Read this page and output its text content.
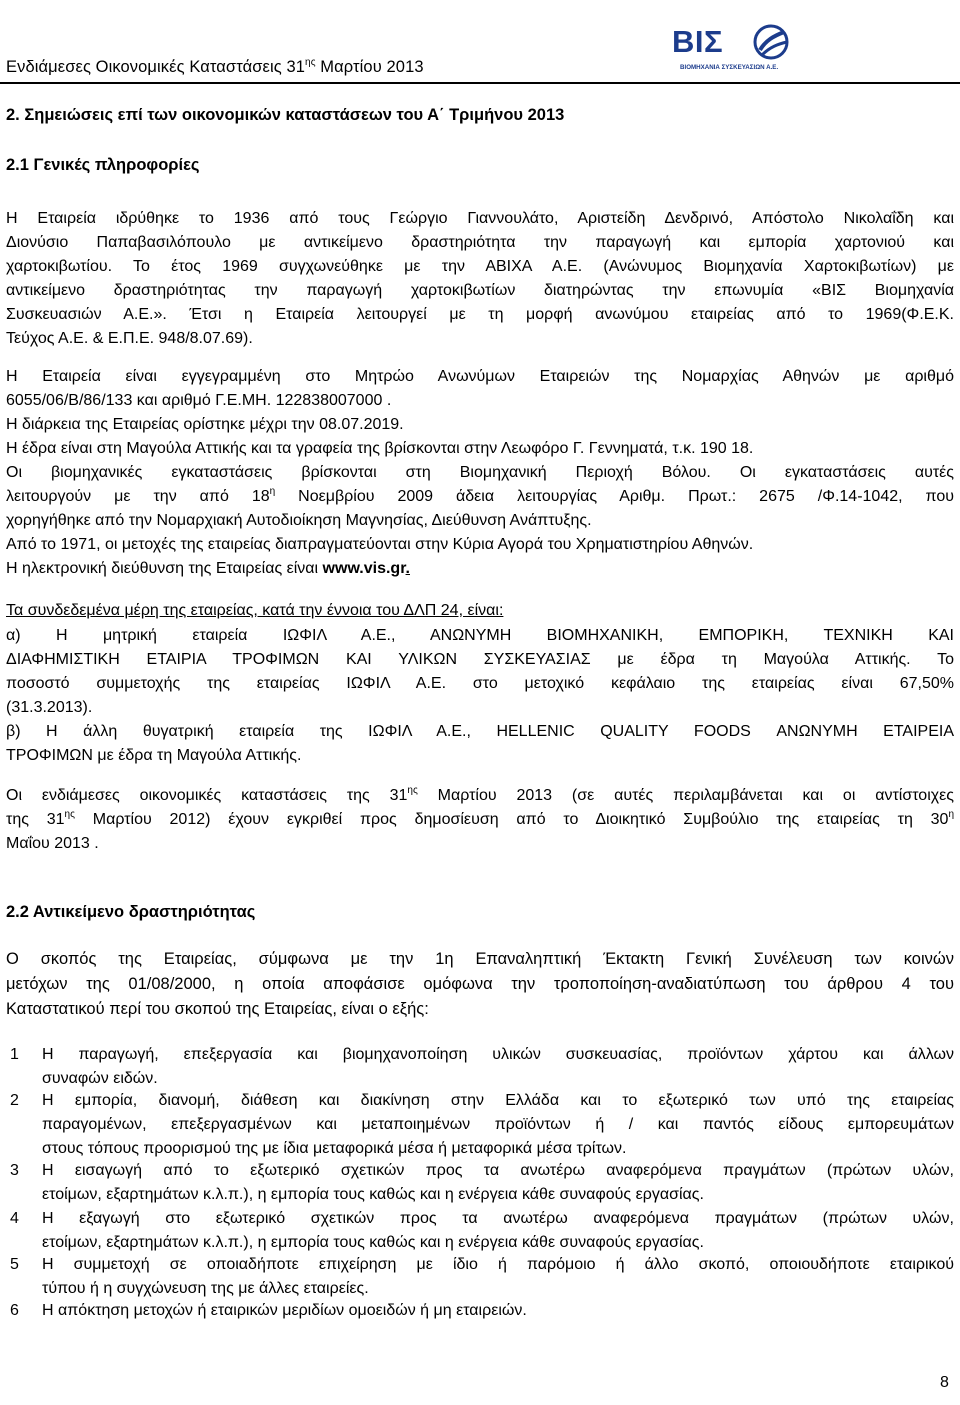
Ενδιάμεσες Οικονομικές Καταστάσεις $31^{\eta\varsigma}$ Μαρτίου 2013
ΒΙΣ
ΒΙΟΜΗΧΑΝΙΑ ΣΥΣΚΕΥΑΣΙΩΝ Α.Ε.
2. Σημειώσεις επί των οικονομικών καταστάσεων του Α΄ Τριμήνου 2013
2.1 Γενικές πληροφορίες
Η Εταιρεία ιδρύθηκε το 1936 από τους Γεώργιο Γιαννουλάτο, Αριστείδη Δενδρινό, Απόστολο Νικολαΐδη και
Διονύσιο Παπαβασιλόπουλο με αντικείμενο δραστηριότητα την παραγωγή και εμπορία χαρτονιού και
χαρτοκιβωτίου. Το έτος 1969 συγχωνεύθηκε με την ΑΒΙΧΑ Α.Ε. (Ανώνυμος Βιομηχανία Χαρτοκιβωτίων) με
αντικείμενο δραστηριότητας την παραγωγή χαρτοκιβωτίων διατηρώντας την επωνυμία «ΒΙΣ Βιομηχανία
Συσκευασιών Α.Ε.». Έτσι η Εταιρεία λειτουργεί με τη μορφή ανωνύμου εταιρείας από το 1969(Φ.Ε.Κ.
Τεύχος Α.Ε. & Ε.Π.Ε. 948/8.07.69).
Η Εταιρεία είναι εγγεγραμμένη στο Μητρώο Ανωνύμων Εταιρειών της Νομαρχίας Αθηνών με αριθμό
6055/06/Β/86/133 και αριθμό Γ.Ε.ΜΗ. 122838007000 .
Η διάρκεια της Εταιρείας ορίστηκε μέχρι την 08.07.2019.
Η έδρα είναι στη Μαγούλα Αττικής και τα γραφεία της βρίσκονται στην Λεωφόρο Γ. Γεννηματά, τ.κ. 190 18.
Οι βιομηχανικές εγκαταστάσεις βρίσκονται στη Βιομηχανική Περιοχή Βόλου. Οι εγκαταστάσεις αυτές
λειτουργούν με την από $18^\eta$ Νοεμβρίου 2009 άδεια λειτουργίας Αριθμ. Πρωτ.: 2675 /Φ.14-1042, που
χορηγήθηκε από την Νομαρχιακή Αυτοδιοίκηση Μαγνησίας, Διεύθυνση Ανάπτυξης.
Από το 1971, οι μετοχές της εταιρείας διαπραγματεύονται στην Κύρια Αγορά του Χρηματιστηρίου Αθηνών.
Η ηλεκτρονική διεύθυνση της Εταιρείας είναι www.vis.gr.
Τα συνδεδεμένα μέρη της εταιρείας, κατά την έννοια του ΔΛΠ 24, είναι:
α) Η μητρική εταιρεία ΙΩΦΙΛ Α.Ε., ΑΝΩΝΥΜΗ ΒΙΟΜΗΧΑΝΙΚΗ, ΕΜΠΟΡΙΚΗ, ΤΕΧΝΙΚΗ ΚΑΙ
ΔΙΑΦΗΜΙΣΤΙΚΗ ΕΤΑΙΡΙΑ ΤΡΟΦΙΜΩΝ ΚΑΙ ΥΛΙΚΩΝ ΣΥΣΚΕΥΑΣΙΑΣ με έδρα τη Μαγούλα Αττικής. Το
ποσοστό συμμετοχής της εταιρείας ΙΩΦΙΛ Α.Ε. στο μετοχικό κεφάλαιο της εταιρείας είναι 67,50%
(31.3.2013).
β) Η άλλη θυγατρική εταιρεία της ΙΩΦΙΛ Α.Ε., HELLENIC QUALITY FOODS ΑΝΩΝΥΜΗ ΕΤΑΙΡΕΙΑ
ΤΡΟΦΙΜΩΝ με έδρα τη Μαγούλα Αττικής.
Οι ενδιάμεσες οικονομικές καταστάσεις της $31^{\eta\varsigma}$ Μαρτίου 2013 (σε αυτές περιλαμβάνεται και οι αντίστοιχες
της $31^{\eta\varsigma}$ Μαρτίου 2012) έχουν εγκριθεί προς δημοσίευση από το Διοικητικό Συμβούλιο της εταιρείας τη $30^\eta$
Μαΐου 2013 .
2.2 Αντικείμενο δραστηριότητας
Ο σκοπός της Εταιρείας, σύμφωνα με την 1η Επαναληπτική Έκτακτη Γενική Συνέλευση των κοινών
μετόχων της 01/08/2000, η οποία αποφάσισε ομόφωνα την τροποποίηση-αναδιατύπωση του άρθρου 4 του
Καταστατικού περί του σκοπού της Εταιρείας, είναι ο εξής:
1 Η παραγωγή, επεξεργασία και βιομηχανοποίηση υλικών συσκευασίας, προϊόντων χάρτου και άλλων
συναφών ειδών.
2 Η εμπορία, διανομή, διάθεση και διακίνηση στην Ελλάδα και το εξωτερικό των υπό της εταιρείας
παραγομένων, επεξεργασμένων και μεταποιημένων προϊόντων ή / και παντός είδους εμπορευμάτων
στους τόπους προορισμού της με ίδια μεταφορικά μέσα ή μεταφορικά μέσα τρίτων.
3 Η εισαγωγή από το εξωτερικό σχετικών προς τα ανωτέρω αναφερόμενα πραγμάτων (πρώτων υλών,
ετοίμων, εξαρτημάτων κ.λ.π.), η εμπορία τους καθώς και η ενέργεια κάθε συναφούς εργασίας.
4 Η εξαγωγή στο εξωτερικό σχετικών προς τα ανωτέρω αναφερόμενα πραγμάτων (πρώτων υλών,
ετοίμων, εξαρτημάτων κ.λ.π.), η εμπορία τους καθώς και η ενέργεια κάθε συναφούς εργασίας.
5 Η συμμετοχή σε οποιαδήποτε επιχείρηση με ίδιο ή παρόμοιο ή άλλο σκοπό, οποιουδήποτε εταιρικού
τύπου ή η συγχώνευση της με άλλες εταιρείες.
6 Η απόκτηση μετοχών ή εταιρικών μεριδίων ομοειδών ή μη εταιρειών.
8
